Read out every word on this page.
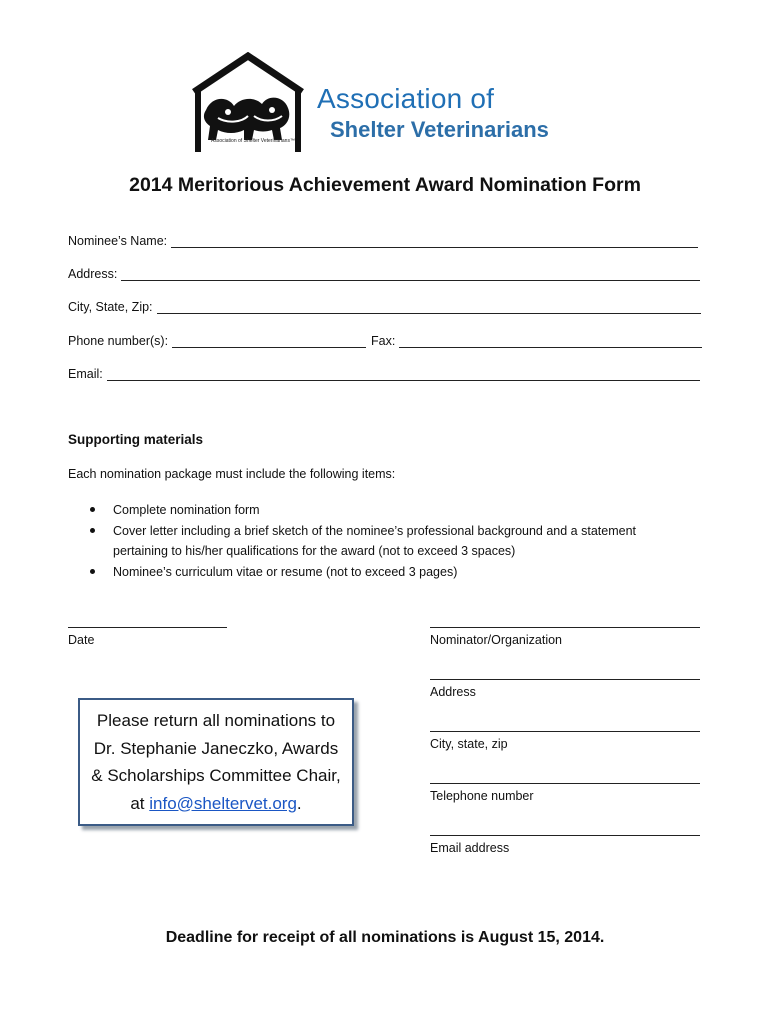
Association of Shelter Veterinarians™
Association of
Shelter Veterinarians
2014 Meritorious Achievement Award Nomination Form
Nominee’s Name:
Address:
City, State, Zip:
Phone number(s):	Fax:
Email:
Supporting materials
Each nomination package must include the following items:
Complete nomination form
Cover letter including a brief sketch of the nominee’s professional background and a statement pertaining to his/her qualifications for the award (not to exceed 3 spaces)
Nominee’s curriculum vitae or resume (not to exceed 3 pages)
Date	Nominator/Organization
Address
City, state, zip
Telephone number
Email address
Please return all nominations to
Dr. Stephanie Janeczko, Awards
& Scholarships Committee Chair,
at info@sheltervet.org.
Deadline for receipt of all nominations is August 15, 2014.
